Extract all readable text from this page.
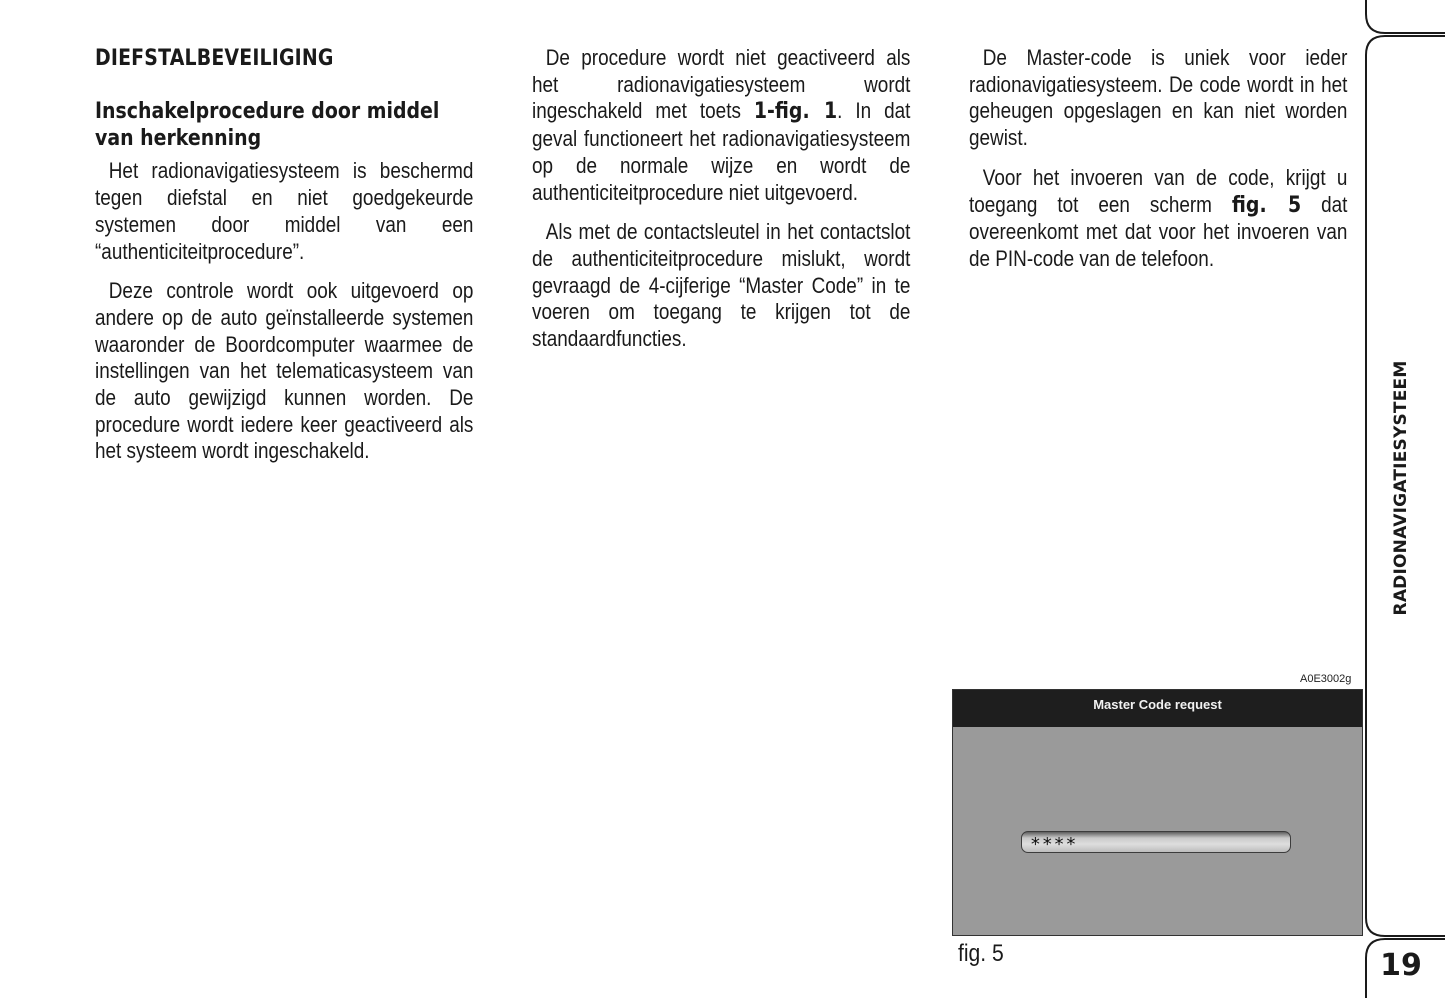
DIEFSTALBEVEILIGING
Inschakelprocedure door middel van herkenning

Het radionavigatiesysteem is beschermd tegen diefstal en niet goedgekeurde systemen door middel van een “authenticiteitprocedure”.

Deze controle wordt ook uitgevoerd op andere op de auto geïnstalleerde systemen waaronder de Boordcomputer waarmee de instellingen van het telematicasysteem van de auto gewijzigd kunnen worden. De procedure wordt iedere keer geactiveerd als het systeem wordt ingeschakeld.

De procedure wordt niet geactiveerd als het radionavigatiesysteem wordt ingeschakeld met toets 1-fig. 1. In dat geval functioneert het radionavigatiesysteem op de normale wijze en wordt de authenticiteitprocedure niet uitgevoerd.

Als met de contactsleutel in het contactslot de authenticiteitprocedure mislukt, wordt gevraagd de 4-cijferige “Master Code” in te voeren om toegang te krijgen tot de standaardfuncties.

De Master-code is uniek voor ieder radionavigatiesysteem. De code wordt in het geheugen opgeslagen en kan niet worden gewist.

Voor het invoeren van de code, krijgt u toegang tot een scherm fig. 5 dat overeenkomt met dat voor het invoeren van de PIN-code van de telefoon.

RADIONAVIGATIESYSTEEM
19
A0E3002g
Master Code request
****
fig. 5
